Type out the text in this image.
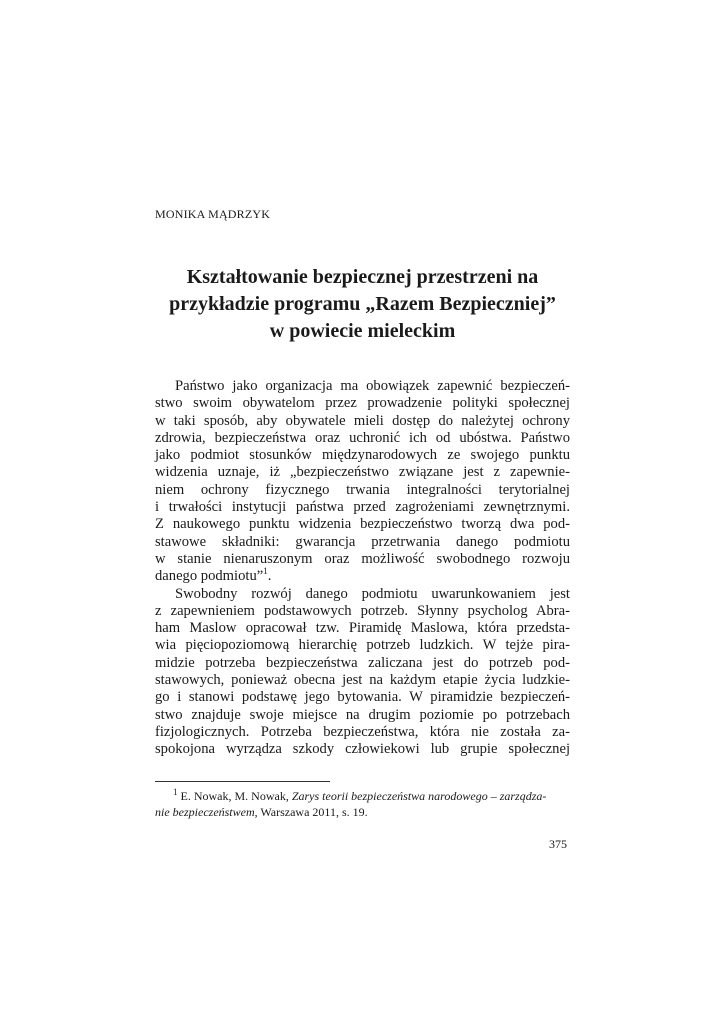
MONIKA MĄDRZYK
Kształtowanie bezpiecznej przestrzeni na
przykładzie programu „Razem Bezpieczniej”
w powiecie mieleckim

Państwo jako organizacja ma obowiązek zapewnić bezpieczeń-
stwo swoim obywatelom przez prowadzenie polityki społecznej
w taki sposób, aby obywatele mieli dostęp do należytej ochrony
zdrowia, bezpieczeństwa oraz uchronić ich od ubóstwa. Państwo
jako podmiot stosunków międzynarodowych ze swojego punktu
widzenia uznaje, iż „bezpieczeństwo związane jest z zapewnie-
niem ochrony fizycznego trwania integralności terytorialnej
i trwałości instytucji państwa przed zagrożeniami zewnętrznymi.
Z naukowego punktu widzenia bezpieczeństwo tworzą dwa pod-
stawowe składniki: gwarancja przetrwania danego podmiotu
w stanie nienaruszonym oraz możliwość swobodnego rozwoju
danego podmiotu”$^1$.

Swobodny rozwój danego podmiotu uwarunkowaniem jest
z zapewnieniem podstawowych potrzeb. Słynny psycholog Abra-
ham Maslow opracował tzw. Piramidę Maslowa, która przedsta-
wia pięciopoziomową hierarchię potrzeb ludzkich. W tejże pira-
midzie potrzeba bezpieczeństwa zaliczana jest do potrzeb pod-
stawowych, ponieważ obecna jest na każdym etapie życia ludzkie-
go i stanowi podstawę jego bytowania. W piramidzie bezpieczeń-
stwo znajduje swoje miejsce na drugim poziomie po potrzebach
fizjologicznych. Potrzeba bezpieczeństwa, która nie została za-
spokojona wyrządza szkody człowiekowi lub grupie społecznej

$^1$ E. Nowak, M. Nowak, Zarys teorii bezpieczeństwa narodowego – zarządza-
nie bezpieczeństwem, Warszawa 2011, s. 19.
375
